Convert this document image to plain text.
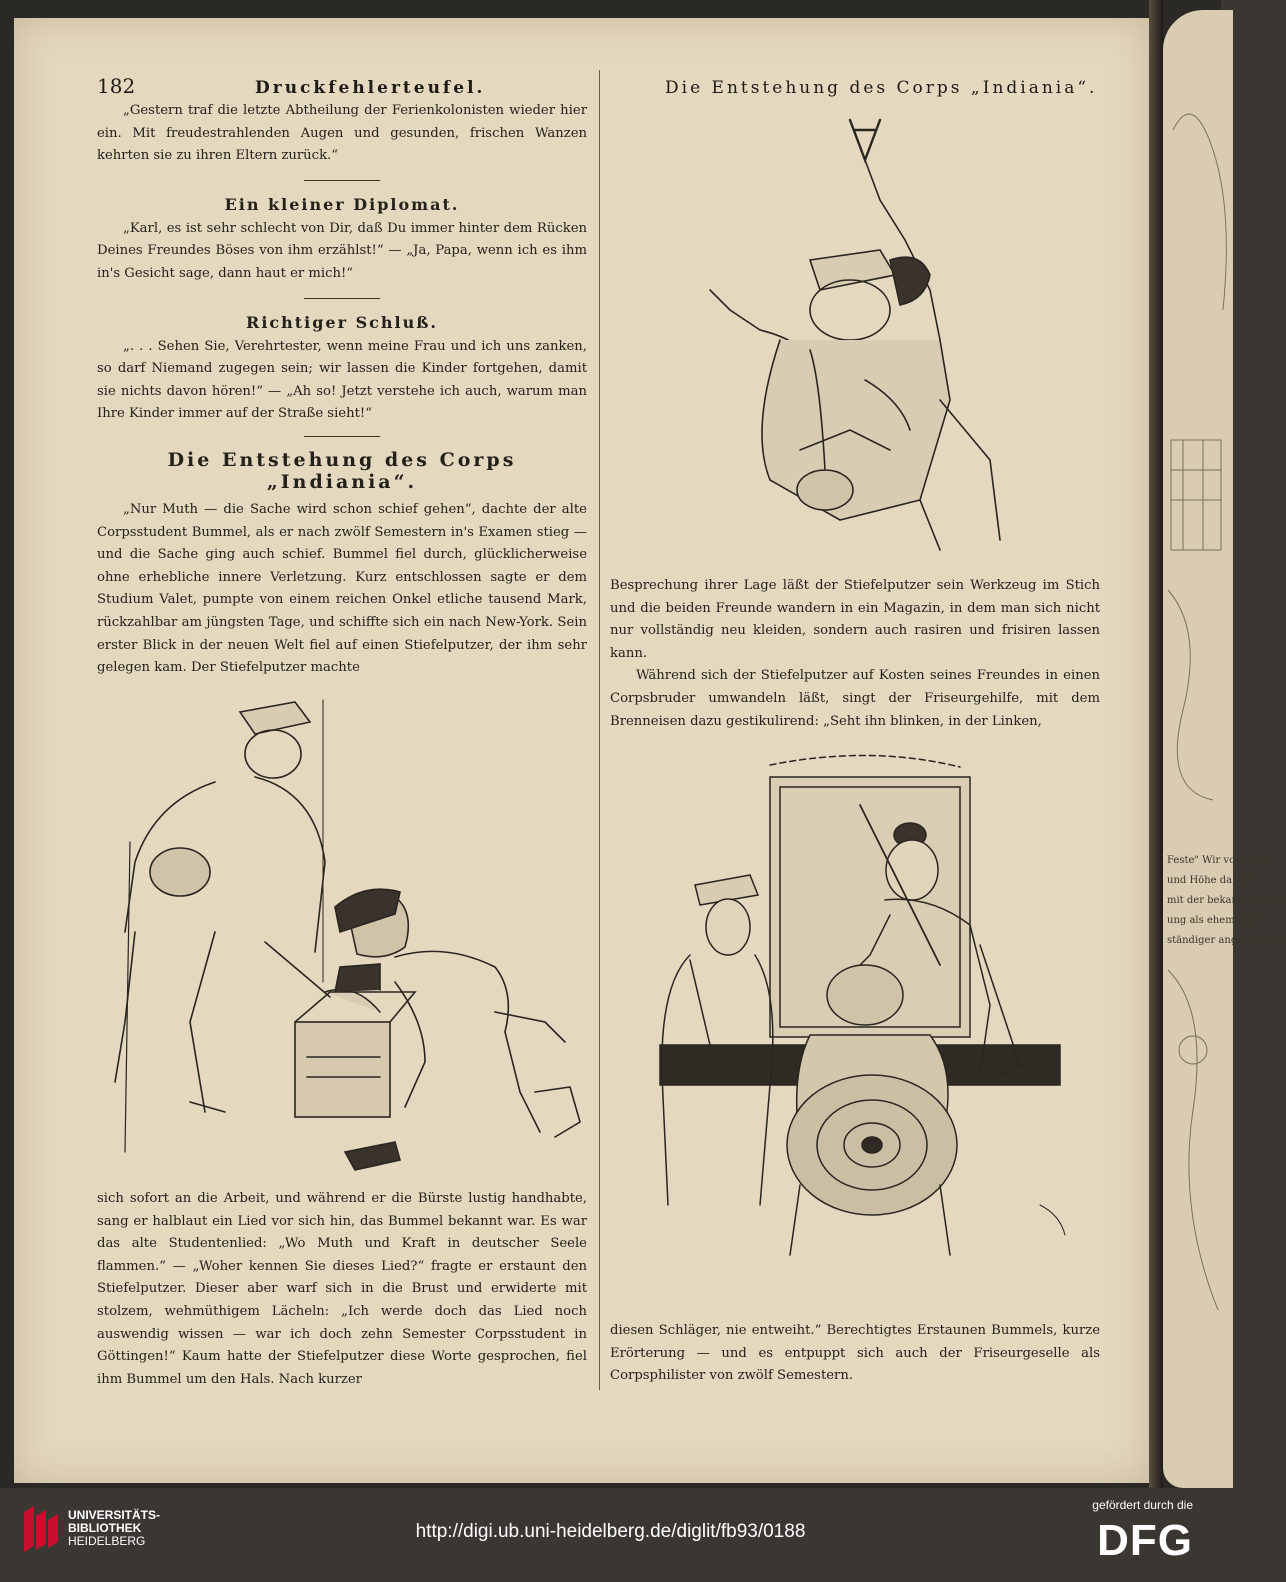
Feste" Wir vom Blitz
und Höhe da, der
mit der bekannten Tant
ung als ehemaliger
ständiger angehört hat
182	Druckfehlerteufel.	Die Entstehung des Corps „Indiania“.

„Gestern traf die letzte Abtheilung der Ferienkolonisten wieder hier ein. Mit freudestrahlenden Augen und gesunden, frischen Wanzen kehrten sie zu ihren Eltern zurück.“

Ein kleiner Diplomat.

„Karl, es ist sehr schlecht von Dir, daß Du immer hinter dem Rücken Deines Freundes Böses von ihm erzählst!“ — „Ja, Papa, wenn ich es ihm in's Gesicht sage, dann haut er mich!“

Richtiger Schluß.

„. . . Sehen Sie, Verehrtester, wenn meine Frau und ich uns zanken, so darf Niemand zugegen sein; wir lassen die Kinder fortgehen, damit sie nichts davon hören!“ — „Ah so! Jetzt verstehe ich auch, warum man Ihre Kinder immer auf der Straße sieht!“

Die Entstehung des Corps „Indiania“.

„Nur Muth — die Sache wird schon schief gehen“, dachte der alte Corpsstudent Bummel, als er nach zwölf Semestern in's Examen stieg — und die Sache ging auch schief. Bummel fiel durch, glücklicherweise ohne erhebliche innere Verletzung. Kurz entschlossen sagte er dem Studium Valet, pumpte von einem reichen Onkel etliche tausend Mark, rückzahlbar am jüngsten Tage, und schiffte sich ein nach New-York. Sein erster Blick in der neuen Welt fiel auf einen Stiefelputzer, der ihm sehr gelegen kam. Der Stiefelputzer machte

sich sofort an die Arbeit, und während er die Bürste lustig handhabte, sang er halblaut ein Lied vor sich hin, das Bummel bekannt war. Es war das alte Studentenlied: „Wo Muth und Kraft in deutscher Seele flammen.“ — „Woher kennen Sie dieses Lied?“ fragte er erstaunt den Stiefelputzer. Dieser aber warf sich in die Brust und erwiderte mit stolzem, wehmüthigem Lächeln: „Ich werde doch das Lied noch auswendig wissen — war ich doch zehn Semester Corpsstudent in Göttingen!“ Kaum hatte der Stiefelputzer diese Worte gesprochen, fiel ihm Bummel um den Hals. Nach kurzer

Besprechung ihrer Lage läßt der Stiefelputzer sein Werkzeug im Stich und die beiden Freunde wandern in ein Magazin, in dem man sich nicht nur vollständig neu kleiden, sondern auch rasiren und frisiren lassen kann.

Während sich der Stiefelputzer auf Kosten seines Freundes in einen Corpsbruder umwandeln läßt, singt der Friseurgehilfe, mit dem Brenneisen dazu gestikulirend: „Seht ihn blinken, in der Linken,

diesen Schläger, nie entweiht.“ Berechtigtes Erstaunen Bummels, kurze Erörterung — und es entpuppt sich auch der Friseurgeselle als Corpsphilister von zwölf Semestern.

UNIVERSITÄTS-
BIBLIOTHEK
HEIDELBERG	http://digi.ub.uni-heidelberg.de/diglit/fb93/0188
gefördert durch die
DFG
